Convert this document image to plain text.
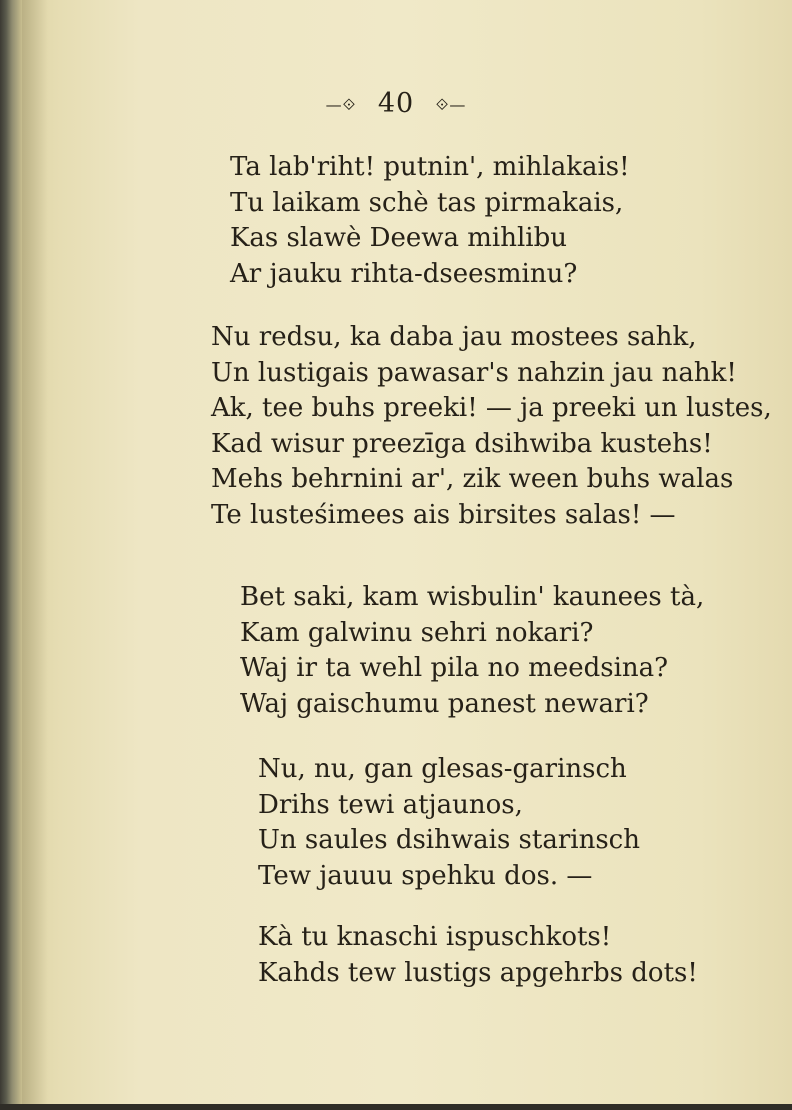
—⟐ 40 ⟐—
Ta lab'riht! putnin', mihlakais!
Tu laikam schè tas pirmakais,
Kas slawè Deewa mihlibu
Ar jauku rihta-dseesminu?
Nu redsu, ka daba jau mostees sahk,
Un lustigais pawasar's nahzin jau nahk!
Ak, tee buhs preeki! — ja preeki un lustes,
Kad wisur preezīga dsihwiba kustehs!
Mehs behrnini ar', zik ween buhs walas
Te lusteśimees ais birsites salas! —
Bet saki, kam wisbulin' kaunees tà,
Kam galwinu sehri nokari?
Waj ir ta wehl pila no meedsina?
Waj gaischumu panest newari?
Nu, nu, gan glesas-garinsch
Drihs tewi atjaunos,
Un saules dsihwais starinsch
Tew jauuu spehku dos. —
Kà tu knaschi ispuschkots!
Kahds tew lustigs apgehrbs dots!
